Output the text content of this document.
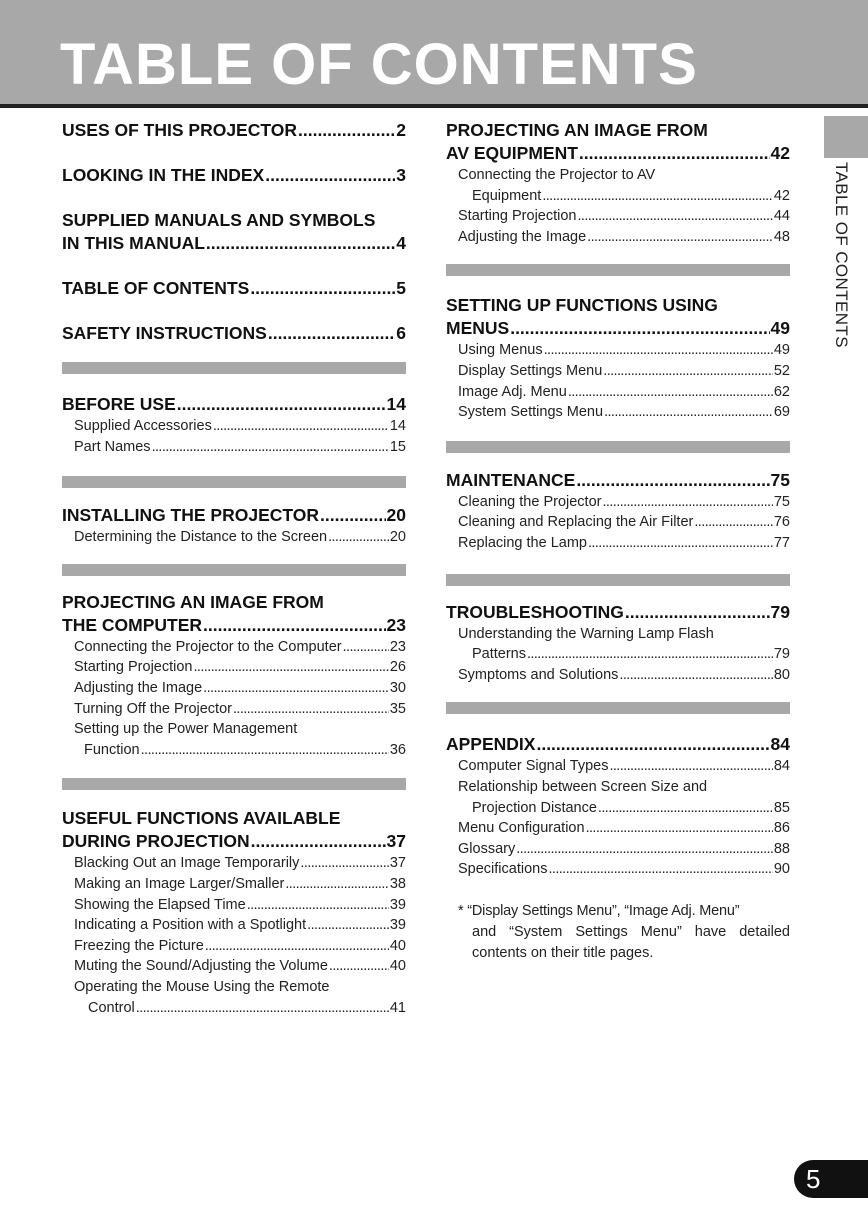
TABLE OF CONTENTS
TABLE OF CONTENTS
USES OF THIS PROJECTOR .....	2
LOOKING IN THE INDEX .....	3
SUPPLIED MANUALS AND SYMBOLS
IN THIS MANUAL .....	4
TABLE OF CONTENTS .....	5
SAFETY INSTRUCTIONS .....	6
BEFORE USE .....	14
Supplied Accessories .....	14
Part Names .....	15
INSTALLING THE PROJECTOR .....	20
Determining the Distance to the Screen .....	20
PROJECTING AN IMAGE FROM
THE COMPUTER .....	23
Connecting the Projector to the Computer .....	23
Starting Projection .....	26
Adjusting the Image .....	30
Turning Off the Projector .....	35
Setting up the Power Management
Function .....	36
USEFUL FUNCTIONS AVAILABLE
DURING PROJECTION .....	37
Blacking Out an Image Temporarily .....	37
Making an Image Larger/Smaller .....	38
Showing the Elapsed Time .....	39
Indicating a Position with a Spotlight .....	39
Freezing the Picture .....	40
Muting the Sound/Adjusting the Volume .....	40
Operating the Mouse Using the Remote
Control .....	41
PROJECTING AN IMAGE FROM
AV EQUIPMENT .....	42
Connecting the Projector to AV
Equipment .....	42
Starting Projection .....	44
Adjusting the Image .....	48
SETTING UP FUNCTIONS USING
MENUS .....	49
Using Menus .....	49
Display Settings Menu .....	52
Image Adj. Menu .....	62
System Settings Menu .....	69
MAINTENANCE .....	75
Cleaning the Projector .....	75
Cleaning and Replacing the Air Filter .....	76
Replacing the Lamp .....	77
TROUBLESHOOTING .....	79
Understanding the Warning Lamp Flash
Patterns .....	79
Symptoms and Solutions .....	80
APPENDIX .....	84
Computer Signal Types .....	84
Relationship between Screen Size and
Projection Distance .....	85
Menu Configuration .....	86
Glossary .....	88
Specifications .....	90
* “Display Settings Menu”, “Image Adj. Menu”
and “System Settings Menu” have detailed contents on their title pages.
5
